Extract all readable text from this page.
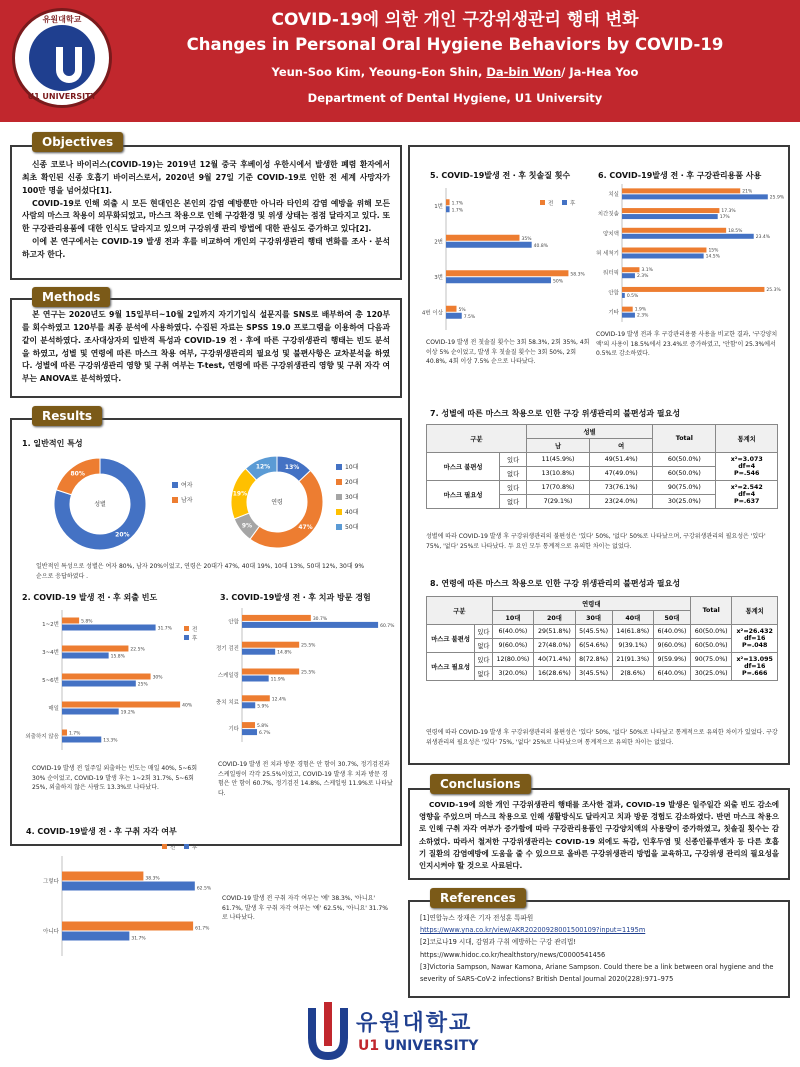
유원대학교
U1 UNIVERSITY
COVID-19에 의한 개인 구강위생관리 행태 변화
Changes in Personal Oral Hygiene Behaviors by COVID-19
Yeun-Soo Kim, Yeoung-Eon Shin, Da-bin Won/ Ja-Hea Yoo
Department of Dental Hygiene, U1 University

신종 코로나 바이러스(COVID-19)는 2019년 12월 중국 후베이성 우한시에서 발생한 폐렴 환자에서 최초 확인된 신종 호흡기 바이러스로서, 2020년 9월 27일 기준 COVID-19로 인한 전 세계 사망자가 100만 명을 넘어섰다[1].

COVID-19로 인해 외출 시 모든 현대인은 본인의 감염 예방뿐만 아니라 타인의 감염 예방을 위해 모든 사람의 마스크 착용이 의무화되었고, 마스크 착용으로 인해 구강환경 및 위생 상태는 점점 달라지고 있다. 또한 구강관리용품에 대한 인식도 달라지고 있으며 구강위생 관리 방법에 대한 관심도 증가하고 있다[2].

이에 본 연구에서는 COVID-19 발생 전과 후를 비교하여 개인의 구강위생관리 행태 변화를 조사・분석하고자 한다.

Objectives

본 연구는 2020년도 9월 15일부터~10월 2일까지 자기기입식 설문지를 SNS로 배부하여 총 120부를 회수하였고 120부를 최종 분석에 사용하였다. 수집된 자료는 SPSS 19.0 프로그램을 이용하여 다음과 같이 분석하였다. 조사대상자의 일반적 특성과 COVID-19 전・후에 따른 구강위생관리 행태는 빈도 분석을 하였고, 성별 및 연령에 따른 마스크 착용 여부, 구강위생관리의 필요성 및 불편사항은 교차분석을 하였다. 성별에 따른 구강위생관리 영향 및 구취 여부는 T-test, 연령에 따른 구강위생관리 영향 및 구취 자각 여부는 ANOVA로 분석하였다.

Methods
Results
1. 일반적인 특성
20%
80%
성별
여자
남자
13%
47%
9%
19%
12%
연령
10대
20대
30대
40대
50대

일반적인 특성으로 성별은 여자 80%, 남자 20%이었고, 연령은 20대가 47%, 40대 19%, 10대 13%, 50대 12%, 30대 9% 순으로 응답하였다 .

2. COVID-19 발생 전・후 외출 빈도
1~2번	5.8%
31.7%
3~4번	22.5%
15.8%
5~6번	30%
25%
매일	40%
19.2%
외출하지 않음 1.7%
13.3%
전
후

COVID-19 발생 전 일주일 외출하는 빈도는 매일 40%, 5~6회 30% 순이었고, COVID-19 발생 후는 1~2회 31.7%, 5~6회 25%, 외출하지 않은 사람도 13.3%로 나타났다.

3. COVID-19발생 전・후 치과 방문 경험
안함	30.7%
60.7%
정기 검진	25.5%
14.8%
스케일링	25.5%
11.9%
충치 치료	12.4%
5.9%
기타	5.8%
6.7%

COVID-19 발생 전 치과 방문 경험은 안 함이 30.7%, 정기검진과 스케일링이 각각 25.5%이었고, COVID-19 발생 후 치과 방문 경험은 안 함이 60.7%, 정기검진 14.8%, 스케일링 11.9%로 나타났다.

4. COVID-19발생 전・후 구취 자각 여부
그렇다	38.3%
62.5%
아니다	61.7%
31.7%
전	후

COVID-19 발생 전 구취 자각 여부는 '예' 38.3%, '아니요' 61.7%, 발생 후 구취 자각 여부는 '예' 62.5%, '아니요' 31.7%로 나타났다.

5. COVID-19발생 전・후 칫솔질 횟수
1번 1.7%
1.7%
2번	35%
40.8%
3번	58.3%
50%
4번 이상	5%
7.5%
전	후

COVID-19 발생 전 칫솔질 횟수는 3회 58.3%, 2회 35%, 4회 이상 5% 순이었고, 발생 후 칫솔질 횟수는 3회 50%, 2회 40.8%, 4회 이상 7.5% 순으로 나타났다.

6. COVID-19발생 전・후 구강관리용품 사용
치실	21%
25.9%
치간칫솔	17.3%
17%
양치액	18.5%
23.4%
혀 세척기	15%
14.5%
워터픽	3.1%
2.3%
안함	25.3%
0.5%
기타	1.9%
2.3%

COVID-19 발생 전과 후 구강관리용품 사용을 비교한 결과, '구강양치액'의 사용이 18.5%에서 23.4%로 증가하였고, '안함'이 25.3%에서 0.5%로 감소하였다.

7. 성별에 따른 마스크 착용으로 인한 구강 위생관리의 불편성과 필요성
구분		성별		Total	통계치
		남	여		
마스크 불편성	있다	11(45.9%)	49(51.4%)	60(50.0%)	x²=3.073
df=4
P=.546
	없다	13(10.8%)	47(49.0%)	60(50.0%)	
마스크 필요성	있다	17(70.8%)	73(76.1%)	90(75.0%)	x²=2.542
df=4
P=.637
	없다	7(29.1%)	23(24.0%)	30(25.0%)	

성별에 따라 COVID-19 발생 후 구강위생관리의 불편성은 '있다' 50%, '없다' 50%로 나타났으며, 구강위생관리의 필요성은 '있다' 75%, '없다' 25%로 나타났다. 두 요인 모두 통계적으로 유의한 차이는 없었다.

8. 연령에 따른 마스크 착용으로 인한 구강 위생관리의 불편성과 필요성
구분		연령대					Total	통계치
		10대	20대	30대	40대	50대		
마스크 불편성	있다	6(40.0%)	29(51.8%)	5(45.5%)	14(61.8%)	6(40.0%)	60(50.0%)	x²=26.432
df=16
P=.048
	없다	9(60.0%)	27(48.0%)	6(54.6%)	9(39.1%)	9(60.0%)	60(50.0%)	
마스크 필요성	있다	12(80.0%)	40(71.4%)	8(72.8%)	21(91.3%)	9(59.9%)	90(75.0%)	x²=13.095
df=16
P=.666
	없다	3(20.0%)	16(28.6%)	3(45.5%)	2(8.6%)	6(40.0%)	30(25.0%)	

연령에 따라 COVID-19 발생 후 구강위생관리의 불편성은 '있다' 50%, '없다' 50%로 나타났고 통계적으로 유의한 차이가 있었다. 구강위생관리의 필요성은 '있다' 75%, '없다' 25%로 나타났으며 통계적으로 유의한 차이는 없었다.

COVID-19에 의한 개인 구강위생관리 행태를 조사한 결과, COVID-19 발생은 일주일간 외출 빈도 감소에 영향을 주었으며 마스크 착용으로 인해 생활방식도 달라지고 치과 방문 경험도 감소하였다. 반면 마스크 착용으로 인해 구취 자각 여부가 증가함에 따라 구강관리용품인 구강양치액의 사용량이 증가하였고, 칫솔질 횟수는 감소하였다. 따라서 철저한 구강위생관리는 COVID-19 외에도 독감, 인후두염 및 신종인플루엔자 등 다른 호흡기 질환의 감염예방에 도움을 줄 수 있으므로 올바른 구강위생관리 방법을 교육하고, 구강위생 관리의 필요성을 인지시켜야 할 것으로 사료된다.

Conclusions
[1]연합뉴스 장재은 기자 전성훈 특파원
https://www.yna.co.kr/view/AKR20200928001500109?input=1195m
[2]코로나19 시대, 감염과 구취 예방하는 구강 관리법!
https://www.hidoc.co.kr/healthstory/news/C0000541456
[3]Victoria Sampson, Nawar Kamona, Ariane Sampson. Could there be a link between oral hygiene and the severity of SARS-CoV-2 infections? British Dental Journal 2020(228):971–975
References
유원대학교
U1 UNIVERSITY
